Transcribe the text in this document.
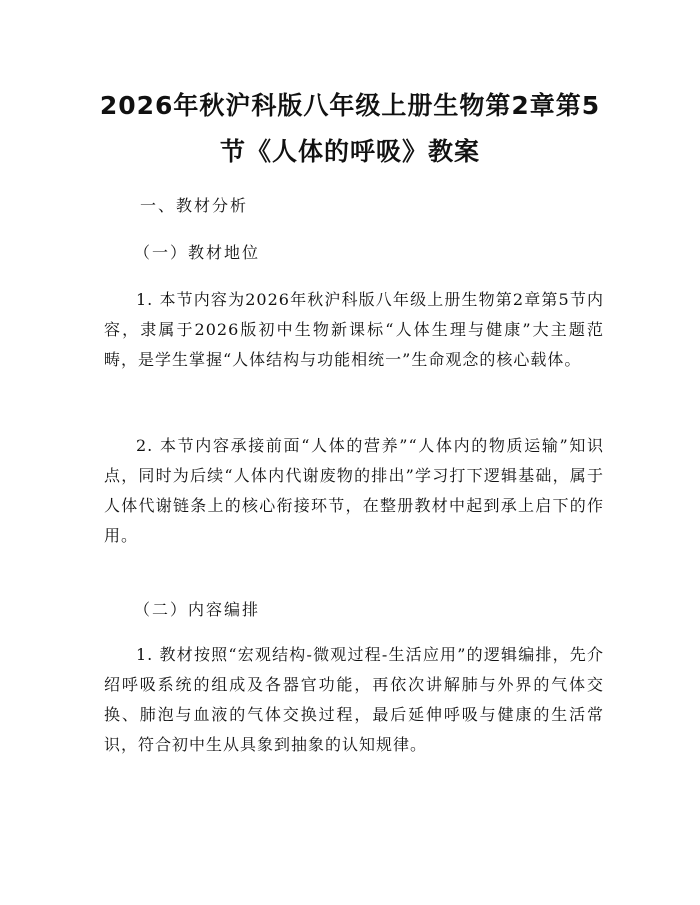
2026年秋沪科版八年级上册生物第2章第5
节《人体的呼吸》教案

一、教材分析

（一）教材地位

1. 本节内容为2026年秋沪科版八年级上册生物第2章第5节内容，隶属于2026版初中生物新课标“人体生理与健康”大主题范畴，是学生掌握“人体结构与功能相统一”生命观念的核心载体。

2. 本节内容承接前面“人体的营养”“人体内的物质运输”知识点，同时为后续“人体内代谢废物的排出”学习打下逻辑基础，属于人体代谢链条上的核心衔接环节，在整册教材中起到承上启下的作用。

（二）内容编排

1. 教材按照“宏观结构-微观过程-生活应用”的逻辑编排，先介绍呼吸系统的组成及各器官功能，再依次讲解肺与外界的气体交换、肺泡与血液的气体交换过程，最后延伸呼吸与健康的生活常识，符合初中生从具象到抽象的认知规律。
